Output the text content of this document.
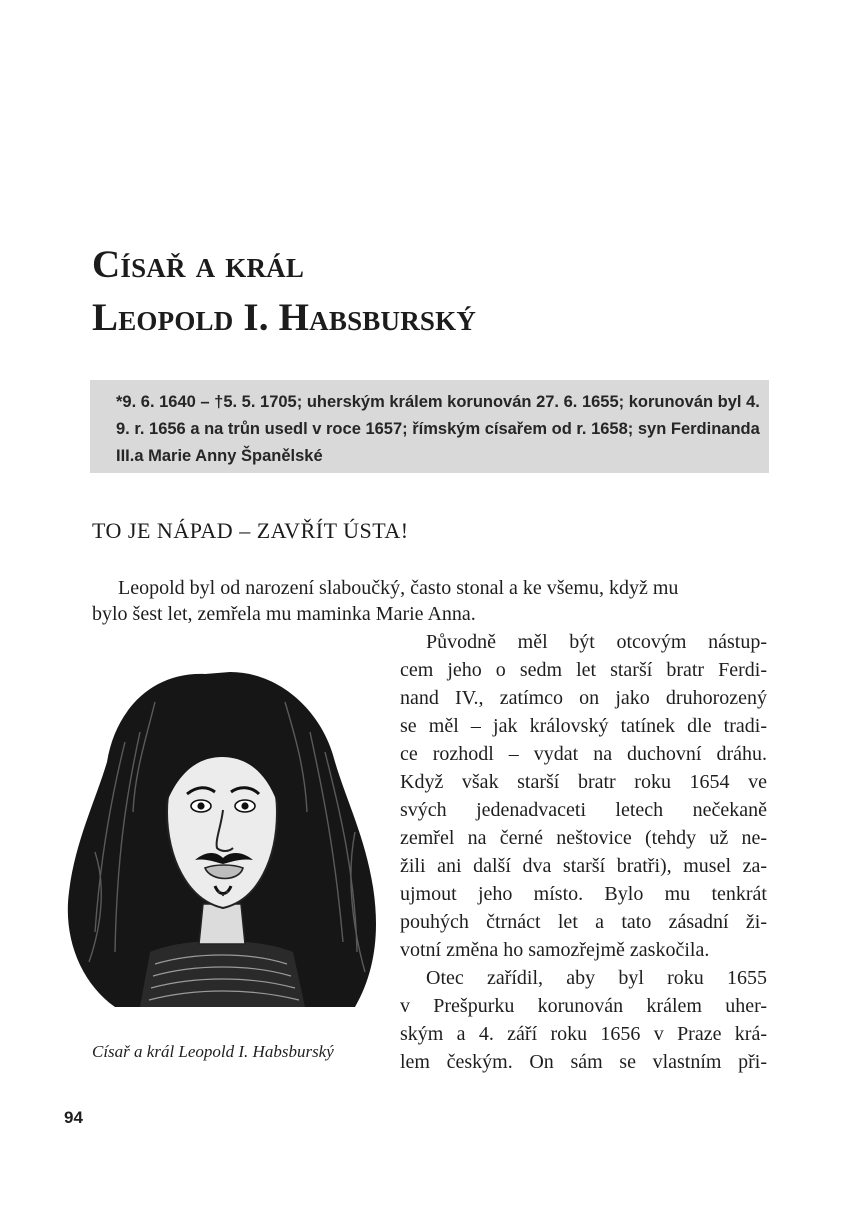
Císař a král
Leopold I. Habsburský

*9. 6. 1640 – †5. 5. 1705; uherským králem korunován 27. 6. 1655; korunován byl 4. 9. r. 1656 a na trůn usedl v roce 1657; římským císařem od r. 1658; syn Ferdinanda III.a Marie Anny Španělské

TO JE NÁPAD – ZAVŘÍT ÚSTA!

Leopold byl od narození slaboučký, často stonal a ke všemu, když mu

bylo šest let, zemřela mu maminka Marie Anna.

Původně měl být otcovým nástup-

cem jeho o sedm let starší bratr Ferdi-

nand IV., zatímco on jako druhorozený

se měl – jak královský tatínek dle tradi-

ce rozhodl – vydat na duchovní dráhu.

Když však starší bratr roku 1654 ve

svých jedenadvaceti letech nečekaně

zemřel na černé neštovice (tehdy už ne-

žili ani další dva starší bratři), musel za-

ujmout jeho místo. Bylo mu tenkrát

pouhých čtrnáct let a tato zásadní ži-

votní změna ho samozřejmě zaskočila.

Otec zařídil, aby byl roku 1655

v Prešpurku korunován králem uher-

ským a 4. září roku 1656 v Praze krá-

lem českým. On sám se vlastním při-

Císař a král Leopold I. Habsburský

94
